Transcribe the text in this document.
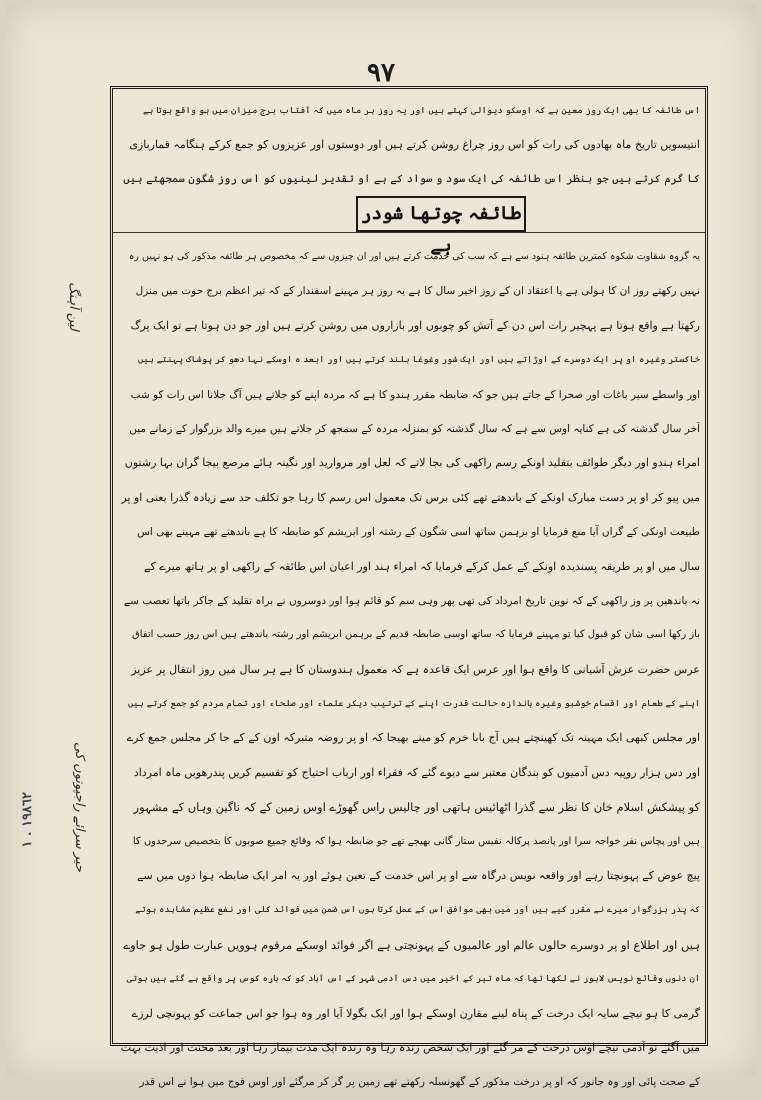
۹۷
اس طائفہ کا بھی ایک روز معین ہے کہ اوسکو دیوالی کہتے ہیں اور یہ روز ہر ماہ میں کہ آفتاب برج میزان میں ہو واقع ہوتا ہے
انتیسویں تاریخ ماہ بھادوں کی رات کو اس روز چراغ روشن کرتے ہیں اور دوستوں اور عزیزوں کو جمع کرکے ہنگامہ قماربازی
کا گرم کرتے ہیں جو بنظر اس طائفہ کی ایک سود و سواد کے ہے او تقدیر لینیوں کو اس روز شگون سمجھتے ہیں
طائفہ چوتھا شودر ہے
یہ گروہ شقاوت شکوہ کمترین طائفہ ہنود سے ہے کہ سب کی خدمت کرتے ہیں اور ان چیزوں سے کہ مخصوص ہر طائفہ مذکور کی ہو نہیں رہ
نہیں رکھتے روز ان کا ہولی ہے یا اعتقاد ان کے روز اخیر سال کا ہے یہ روز ہر مہینے اسفندار کے کہ تیر اعظم برج حوت میں منزل
رکھتا ہے واقع ہوتا ہے پہچیر رات اس دن کے آتش کو چوبوں اور بازاروں میں روشن کرتے ہیں اور جو دن ہوتا ہے تو ایک پرگ
خاکستر وغیرہ او پر ایک دوسرے کے اوڑاتے ہیں اور ایک شور وغوغا بلند کرتے ہیں اور ابعد ہ اوسکے نہا دھو کر پوشاک پہنتے ہیں
اور واسطے سیر باغات اور صحرا کے جاتے ہیں جو کہ ضابطہ مقرر ہندو کا ہے کہ مردہ اپنے کو جلاتے ہیں آگ جلانا اس رات کو شب
آخر سال گذشتہ کی ہے کنایہ اوس سے ہے کہ سال گذشتہ کو بمنزلہ مردہ کے سمجھ کر جلاتے ہیں میرے والد بزرگوار کے زمانے میں
امراء ہندو اور دیگر طوائف بتقلید اونکے رسم راکھی کی بجا لاتے کہ لعل اور مروارید اور نگینہ ہائے مرصع بیجا گران بہا رشتوں
میں پیو کر او پر دست مبارک اونکے کے باندھتے تھے کئی برس تک معمول اس رسم کا رہا جو تکلف حد سے زیادہ گذرا یعنی او پر
طبیعت اونکی کے گراں آیا منع فرمایا او برہمن ساتھ اسی شگون کے رشتہ اور ابریشم کو ضابطہ کا ہے باندھتے تھے مہینے بھی اس
سال میں او پر طریقہ پسندیدہ اونکے کے عمل کرکے فرمایا کہ امراء ہند اور اعیان اس طائفہ کے راکھی او پر ہاتھ میرے کے
نہ باندھیں پر وز راکھی کے کہ نوین تاریخ امرداد کی تھی پھر وہی سم کو قائم ہوا اور دوسروں نے براہ تقلید کے جاکر باتھا تعصب سے
باز رکھا اسی شان کو قبول کیا تو مہینے فرمایا کہ ساتھ اوسی ضابطہ قدیم کے برہمن ابریشم اور رشتہ باندھتے ہیں اس روز حسب اتفاق
عرس حضرت عرش آشیانی کا واقع ہوا اور عرس ایک قاعدہ ہے کہ معمول ہندوستان کا ہے ہر سال میں روز انتقال پر عزیز
اپنے کے طعام اور اقسام خوشبو وغیرہ باندازہ حالت قدرت اپنے کے ترتیب دیکر علماء اور صلحاء اور تمام مردم کو جمع کرتے ہیں
اور مجلس کبھی ایک مہینہ تک کھینچتے ہیں آج بابا خرم کو مینے بھیجا کہ او پر روضہ متبرکہ اون کے کے جا کر مجلس جمع کرے
اور دس ہزار روپیہ دس آدمیوں کو بندگان معتبر سے دیوے گئے کہ فقراء اور ارباب احتیاج کو تقسیم کریں پندرھویں ماہ امرداد
کو پیشکش اسلام خان کا نظر سے گذرا اٹھائیس ہاتھی اور چالیس راس گھوڑے اوس زمین کے کہ ناگین وہاں کے مشہور
ہیں اور پچاس نفر خواجہ سرا اور پانصد پرکالہ نفیس ستار گانی بھیجے تھے جو ضابطہ ہوا کہ وقائع جمیع صوبوں کا بتخصیص سرحدوں کا
پیچ عوض کے پہونچتا رہے اور واقعہ نویس درگاہ سے او پر اس خدمت کے تعین ہوئے اور یہ امر ایک ضابطہ ہوا دوں میں سے
کہ پدر بزرگوار میرے نے مقرر کیے ہیں اور میں بھی موافق اس کے عمل کرتا ہوں اس ضمن میں فوائد کلی اور نفع عظیم مشاہدہ ہوتے
ہیں اور اطلاع او پر دوسرے حالوں عالم اور عالمیوں کے پہونچتی ہے اگر فوائد اوسکے مرقوم ہوویں عبارت طول ہو جاوے
ان دنوں وقائع نویس لاہور نے لکھا تھا کہ ماہ تیر کے اخیر میں دس آدمی شہر کے اس آباد کو کہ بارہ کوس پر واقع ہے گئے ہیں ہوتی
گرمی کا ہو نیچے سایہ ایک درخت کے پناہ لینے مقارن اوسکے ہوا اور ایک بگولا آیا اور وہ ہوا جو اس جماعت کو پہونچی لرزے
میں آگئے نو آدمی نیچے اوس درخت کے مر گئے اور ایک شخص زندہ رہا وہ زندہ ایک مدت بیمار رہا اور بعد محنت اور اذیت بہت
کے صحت پائی اور وہ جانور کہ او پر درخت مذکور کے گھونسلہ رکھتے تھے زمین پر گر کر مرگئے اور اوس فوج میں ہوا نے اس قدر
لین آہنگ
حیر سرائے راجپوتوں کی
١٩٨٦٢ . ١
